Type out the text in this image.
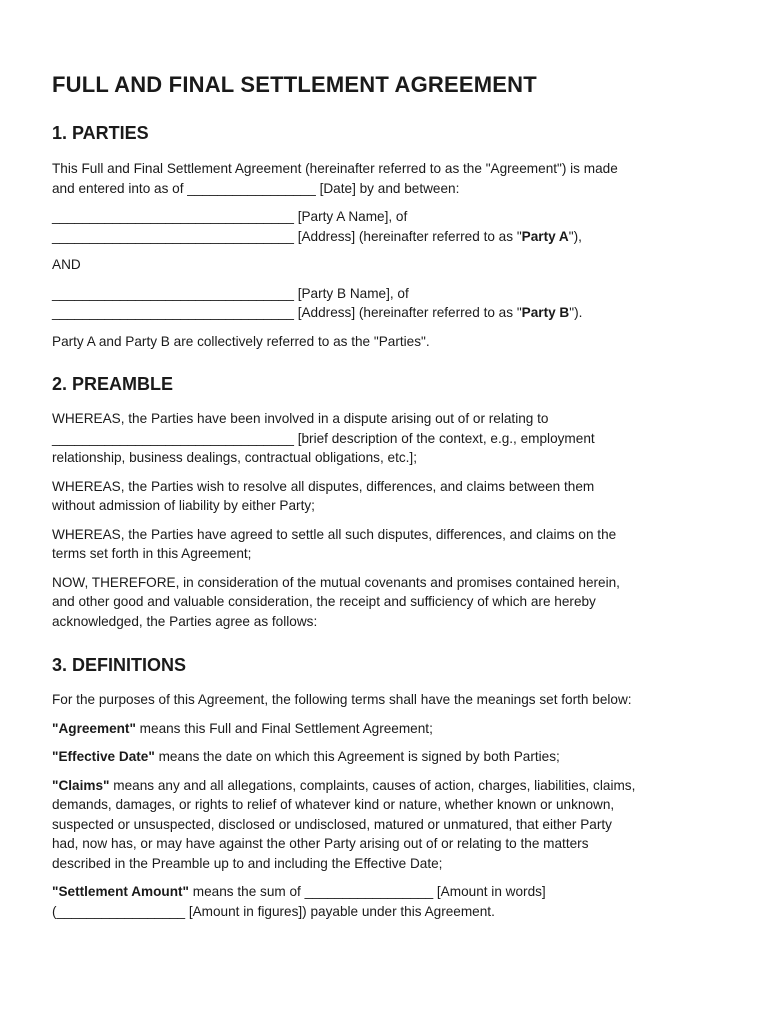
FULL AND FINAL SETTLEMENT AGREEMENT
1. PARTIES

This Full and Final Settlement Agreement (hereinafter referred to as the "Agreement") is made
and entered into as of _________________ [Date] by and between:

________________________________ [Party A Name], of
________________________________ [Address] (hereinafter referred to as "Party A"),

AND

________________________________ [Party B Name], of
________________________________ [Address] (hereinafter referred to as "Party B").

Party A and Party B are collectively referred to as the "Parties".

2. PREAMBLE

WHEREAS, the Parties have been involved in a dispute arising out of or relating to
________________________________ [brief description of the context, e.g., employment
relationship, business dealings, contractual obligations, etc.];

WHEREAS, the Parties wish to resolve all disputes, differences, and claims between them
without admission of liability by either Party;

WHEREAS, the Parties have agreed to settle all such disputes, differences, and claims on the
terms set forth in this Agreement;

NOW, THEREFORE, in consideration of the mutual covenants and promises contained herein,
and other good and valuable consideration, the receipt and sufficiency of which are hereby
acknowledged, the Parties agree as follows:

3. DEFINITIONS

For the purposes of this Agreement, the following terms shall have the meanings set forth below:

"Agreement" means this Full and Final Settlement Agreement;

"Effective Date" means the date on which this Agreement is signed by both Parties;

"Claims" means any and all allegations, complaints, causes of action, charges, liabilities, claims,
demands, damages, or rights to relief of whatever kind or nature, whether known or unknown,
suspected or unsuspected, disclosed or undisclosed, matured or unmatured, that either Party
had, now has, or may have against the other Party arising out of or relating to the matters
described in the Preamble up to and including the Effective Date;

"Settlement Amount" means the sum of _________________ [Amount in words]
(_________________ [Amount in figures]) payable under this Agreement.
